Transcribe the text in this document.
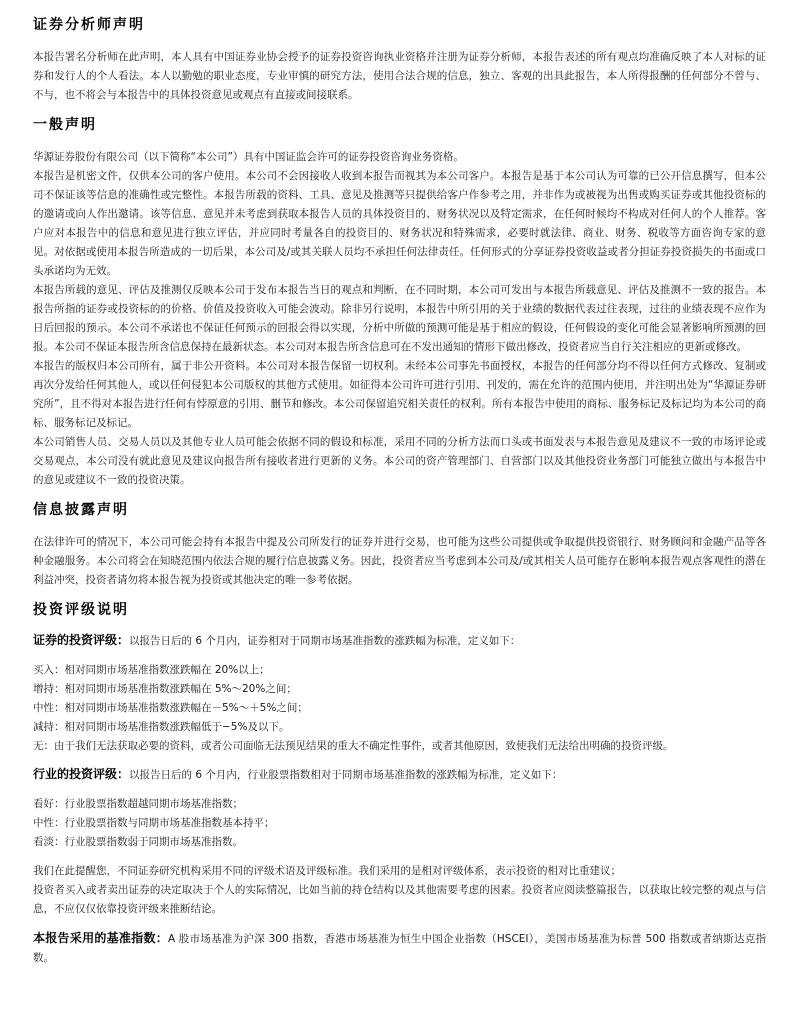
证券分析师声明

本报告署名分析师在此声明，本人具有中国证券业协会授予的证券投资咨询执业资格并注册为证券分析师，本报告表述的所有观点均准确反映了本人对标的证券和发行人的个人看法。本人以勤勉的职业态度，专业审慎的研究方法，使用合法合规的信息，独立、客观的出具此报告，本人所得报酬的任何部分不曾与、不与，也不将会与本报告中的具体投资意见或观点有直接或间接联系。

一般声明

华源证券股份有限公司（以下简称“本公司”）具有中国证监会许可的证券投资咨询业务资格。

本报告是机密文件，仅供本公司的客户使用。本公司不会因接收人收到本报告而视其为本公司客户。本报告是基于本公司认为可靠的已公开信息撰写，但本公司不保证该等信息的准确性或完整性。本报告所载的资料、工具、意见及推测等只提供给客户作参考之用，并非作为或被视为出售或购买证券或其他投资标的的邀请或向人作出邀请。该等信息、意见并未考虑到获取本报告人员的具体投资目的、财务状况以及特定需求，在任何时候均不构成对任何人的个人推荐。客户应对本报告中的信息和意见进行独立评估，并应同时考量各自的投资目的、财务状况和特殊需求，必要时就法律、商业、财务、税收等方面咨询专家的意见。对依据或使用本报告所造成的一切后果，本公司及/或其关联人员均不承担任何法律责任。任何形式的分享证券投资收益或者分担证券投资损失的书面或口头承诺均为无效。

本报告所载的意见、评估及推测仅反映本公司于发布本报告当日的观点和判断，在不同时期，本公司可发出与本报告所载意见、评估及推测不一致的报告。本报告所指的证券或投资标的的价格、价值及投资收入可能会波动。除非另行说明，本报告中所引用的关于业绩的数据代表过往表现，过往的业绩表现不应作为日后回报的预示。本公司不承诺也不保证任何预示的回报会得以实现，分析中所做的预测可能是基于相应的假设，任何假设的变化可能会显著影响所预测的回报。本公司不保证本报告所含信息保持在最新状态。本公司对本报告所含信息可在不发出通知的情形下做出修改，投资者应当自行关注相应的更新或修改。

本报告的版权归本公司所有，属于非公开资料。本公司对本报告保留一切权利。未经本公司事先书面授权，本报告的任何部分均不得以任何方式修改、复制或再次分发给任何其他人，或以任何侵犯本公司版权的其他方式使用。如征得本公司许可进行引用、刊发的，需在允许的范围内使用，并注明出处为“华源证券研究所”，且不得对本报告进行任何有悖原意的引用、删节和修改。本公司保留追究相关责任的权利。所有本报告中使用的商标、服务标记及标记均为本公司的商标、服务标记及标记。

本公司销售人员、交易人员以及其他专业人员可能会依据不同的假设和标准，采用不同的分析方法而口头或书面发表与本报告意见及建议不一致的市场评论或交易观点，本公司没有就此意见及建议向报告所有接收者进行更新的义务。本公司的资产管理部门、自营部门以及其他投资业务部门可能独立做出与本报告中的意见或建议不一致的投资决策。

信息披露声明

在法律许可的情况下，本公司可能会持有本报告中提及公司所发行的证券并进行交易，也可能为这些公司提供或争取提供投资银行、财务顾问和金融产品等各种金融服务。本公司将会在知晓范围内依法合规的履行信息披露义务。因此，投资者应当考虑到本公司及/或其相关人员可能存在影响本报告观点客观性的潜在利益冲突，投资者请勿将本报告视为投资或其他决定的唯一参考依据。

投资评级说明

证券的投资评级：以报告日后的 6 个月内，证券相对于同期市场基准指数的涨跌幅为标准，定义如下：

买入：相对同期市场基准指数涨跌幅在 20%以上；
增持：相对同期市场基准指数涨跌幅在 5%～20%之间；
中性：相对同期市场基准指数涨跌幅在－5%～＋5%之间；
减持：相对同期市场基准指数涨跌幅低于−5%及以下。
无：由于我们无法获取必要的资料，或者公司面临无法预见结果的重大不确定性事件，或者其他原因，致使我们无法给出明确的投资评级。

行业的投资评级：以报告日后的 6 个月内，行业股票指数相对于同期市场基准指数的涨跌幅为标准，定义如下：

看好：行业股票指数超越同期市场基准指数；
中性：行业股票指数与同期市场基准指数基本持平；
看淡：行业股票指数弱于同期市场基准指数。

我们在此提醒您，不同证券研究机构采用不同的评级术语及评级标准。我们采用的是相对评级体系，表示投资的相对比重建议；

投资者买入或者卖出证券的决定取决于个人的实际情况，比如当前的持仓结构以及其他需要考虑的因素。投资者应阅读整篇报告，以获取比较完整的观点与信息，不应仅仅依靠投资评级来推断结论。

本报告采用的基准指数：A 股市场基准为沪深 300 指数，香港市场基准为恒生中国企业指数（HSCEI），美国市场基准为标普 500 指数或者纳斯达克指数。
